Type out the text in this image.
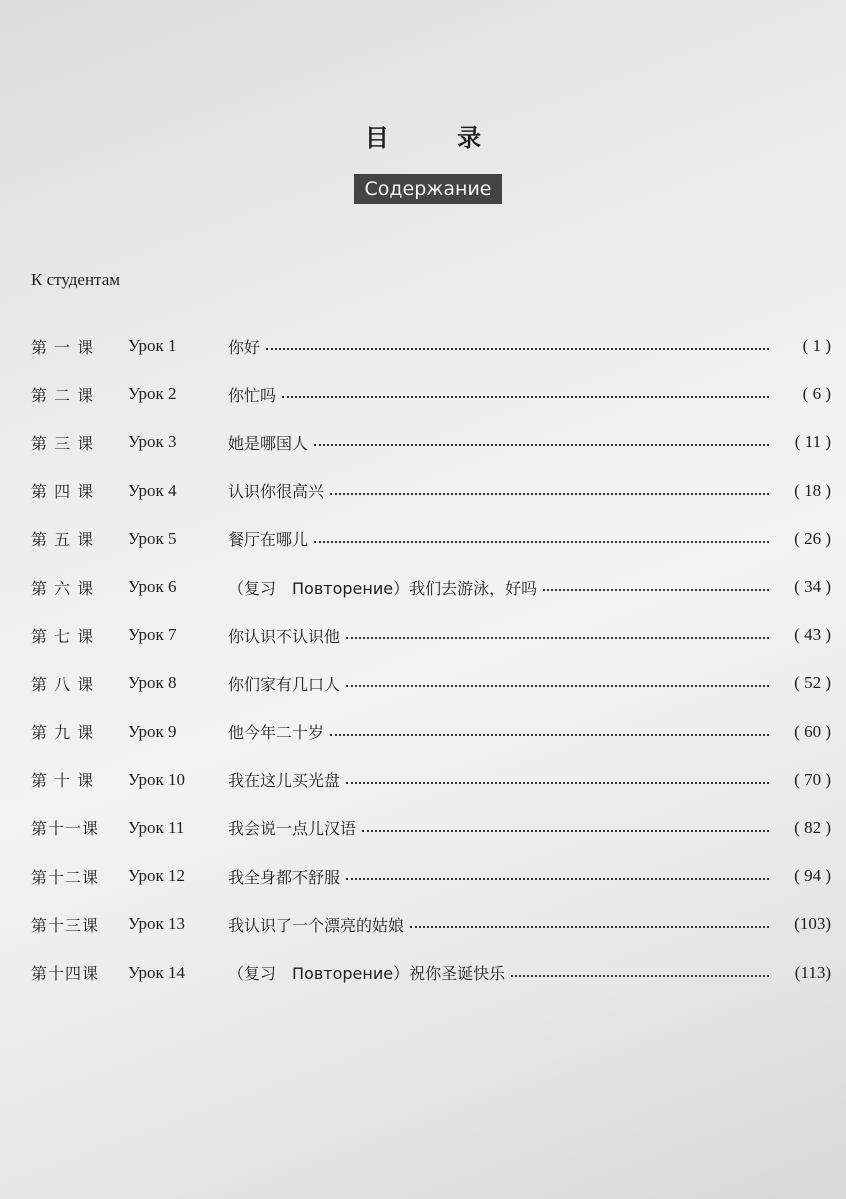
目 录
Содержание
К студентам
第 一 课	Урок 1	你好	( 1 )
第 二 课	Урок 2	你忙吗	( 6 )
第 三 课	Урок 3	她是哪国人	( 11 )
第 四 课	Урок 4	认识你很高兴	( 18 )
第 五 课	Урок 5	餐厅在哪儿	( 26 )
第 六 课	Урок 6	（复习　Повторение）我们去游泳，好吗	( 34 )
第 七 课	Урок 7	你认识不认识他	( 43 )
第 八 课	Урок 8	你们家有几口人	( 52 )
第 九 课	Урок 9	他今年二十岁	( 60 )
第 十 课	Урок 10	我在这儿买光盘	( 70 )
第十一课	Урок 11	我会说一点儿汉语	( 82 )
第十二课	Урок 12	我全身都不舒服	( 94 )
第十三课	Урок 13	我认识了一个漂亮的姑娘	(103)
第十四课	Урок 14	（复习　Повторение）祝你圣诞快乐	(113)
